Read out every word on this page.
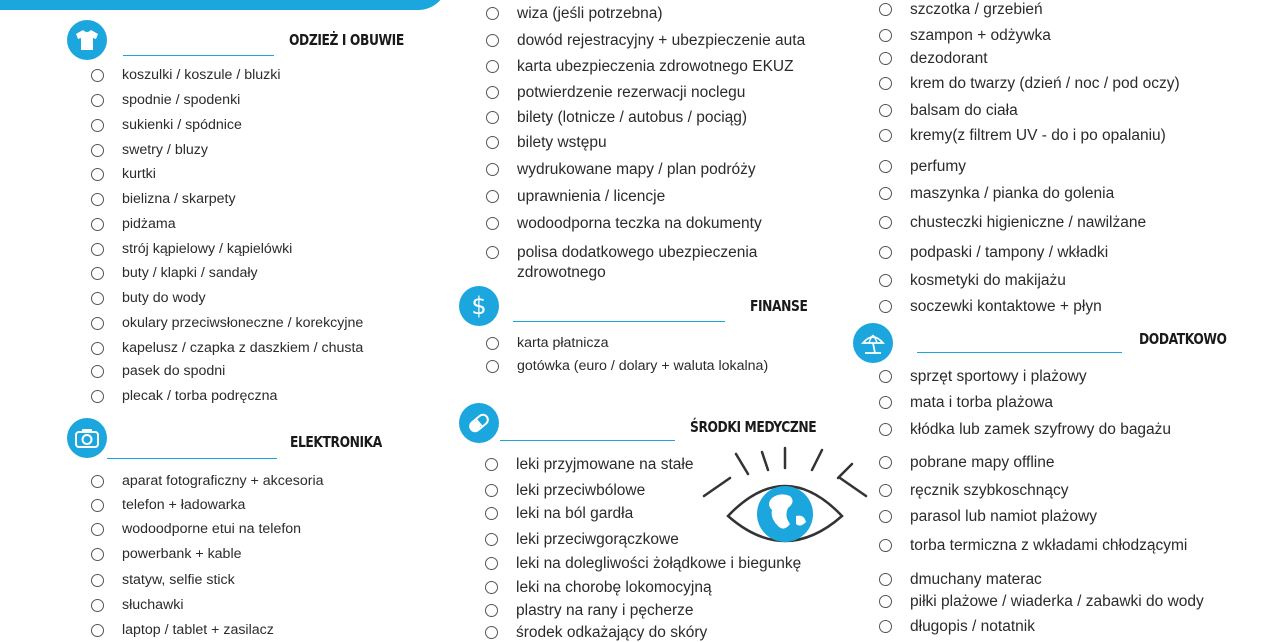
ODZIEŻ I OBUWIE
koszulki / koszule / bluzki
spodnie / spodenki
sukienki / spódnice
swetry / bluzy
kurtki
bielizna / skarpety
pidżama
strój kąpielowy / kąpielówki
buty / klapki / sandały
buty do wody
okulary przeciwsłoneczne / korekcyjne
kapelusz / czapka z daszkiem / chusta
pasek do spodni
plecak / torba podręczna
ELEKTRONIKA
aparat fotograficzny + akcesoria
telefon + ładowarka
wodoodporne etui na telefon
powerbank + kable
statyw, selfie stick
słuchawki
laptop / tablet + zasilacz
wiza (jeśli potrzebna)
dowód rejestracyjny + ubezpieczenie auta
karta ubezpieczenia zdrowotnego EKUZ
potwierdzenie rezerwacji noclegu
bilety (lotnicze / autobus / pociąg)
bilety wstępu
wydrukowane mapy / plan podróży
uprawnienia / licencje
wodoodporna teczka na dokumenty
polisa dodatkowego ubezpieczenia zdrowotnego
$	FINANSE
karta płatnicza
gotówka (euro / dolary + waluta lokalna)
ŚRODKI MEDYCZNE
leki przyjmowane na stałe
leki przeciwbólowe
leki na ból gardła
leki przeciwgorączkowe
leki na dolegliwości żołądkowe i biegunkę
leki na chorobę lokomocyjną
plastry na rany i pęcherze
środek odkażający do skóry
szczotka / grzebień
szampon + odżywka
dezodorant
krem do twarzy (dzień / noc / pod oczy)
balsam do ciała
kremy(z filtrem UV - do i po opalaniu)
perfumy
maszynka / pianka do golenia
chusteczki higieniczne / nawilżane
podpaski / tampony / wkładki
kosmetyki do makijażu
soczewki kontaktowe + płyn
DODATKOWO
sprzęt sportowy i plażowy
mata i torba plażowa
kłódka lub zamek szyfrowy do bagażu
pobrane mapy offline
ręcznik szybkoschnący
parasol lub namiot plażowy
torba termiczna z wkładami chłodzącymi
dmuchany materac
piłki plażowe / wiaderka / zabawki do wody
długopis / notatnik
